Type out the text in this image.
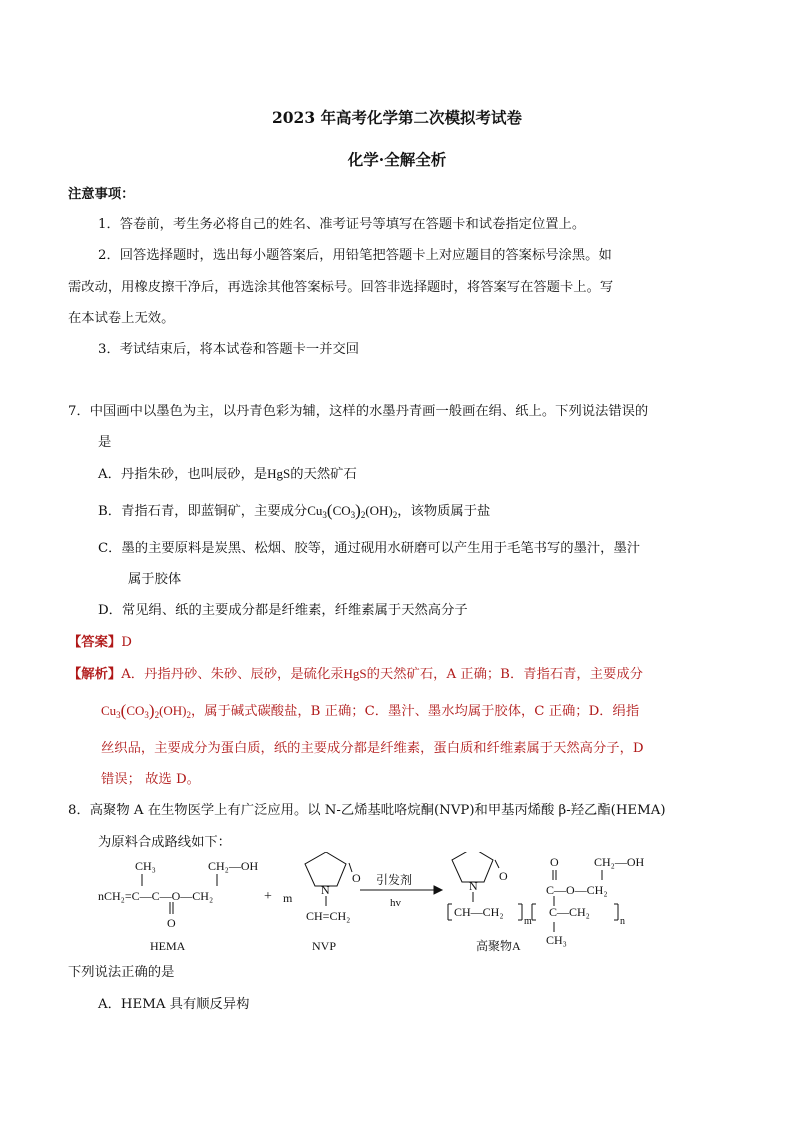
2023 年高考化学第二次模拟考试卷
化学·全解全析
注意事项：
1．答卷前，考生务必将自己的姓名、准考证号等填写在答题卡和试卷指定位置上。
2．回答选择题时，选出每小题答案后，用铅笔把答题卡上对应题目的答案标号涂黑。如
需改动，用橡皮擦干净后，再选涂其他答案标号。回答非选择题时，将答案写在答题卡上。写
在本试卷上无效。
3．考试结束后，将本试卷和答题卡一并交回
7．中国画中以墨色为主，以丹青色彩为辅，这样的水墨丹青画一般画在绢、纸上。下列说法错误的
是
A．丹指朱砂，也叫辰砂，是HgS的天然矿石
B．青指石青，即蓝铜矿，主要成分$Cu_3(CO_3)_2(OH)_2$，该物质属于盐
C．墨的主要原料是炭黑、松烟、胶等，通过砚用水研磨可以产生用于毛笔书写的墨汁，墨汁
属于胶体
D．常见绢、纸的主要成分都是纤维素，纤维素属于天然高分子
【答案】D
【解析】A．丹指丹砂、朱砂、辰砂，是硫化汞HgS的天然矿石，A 正确；B．青指石青，主要成分
$Cu_3(CO_3)_2(OH)_2$，属于碱式碳酸盐，B 正确；C．墨汁、墨水均属于胶体，C 正确；D．绢指
丝织品，主要成分为蛋白质，纸的主要成分都是纤维素，蛋白质和纤维素属于天然高分子，D
错误； 故选 D。
8．高聚物 A 在生物医学上有广泛应用。以 N-乙烯基吡咯烷酮(NVP)和甲基丙烯酸 β-羟乙酯(HEMA)
为原料合成路线如下：
CH₃
nCH₂=C—C—O—CH₂
O
CH₂—OH
HEMA
+ m
N
O
CH=CH₂
NVP
引发剂
hv
N
O
CH—CH₂
m
C—CH₂
n
C—O—CH₂
O	CH₂—OH
CH₃
高聚物A
下列说法正确的是
A．HEMA 具有顺反异构
